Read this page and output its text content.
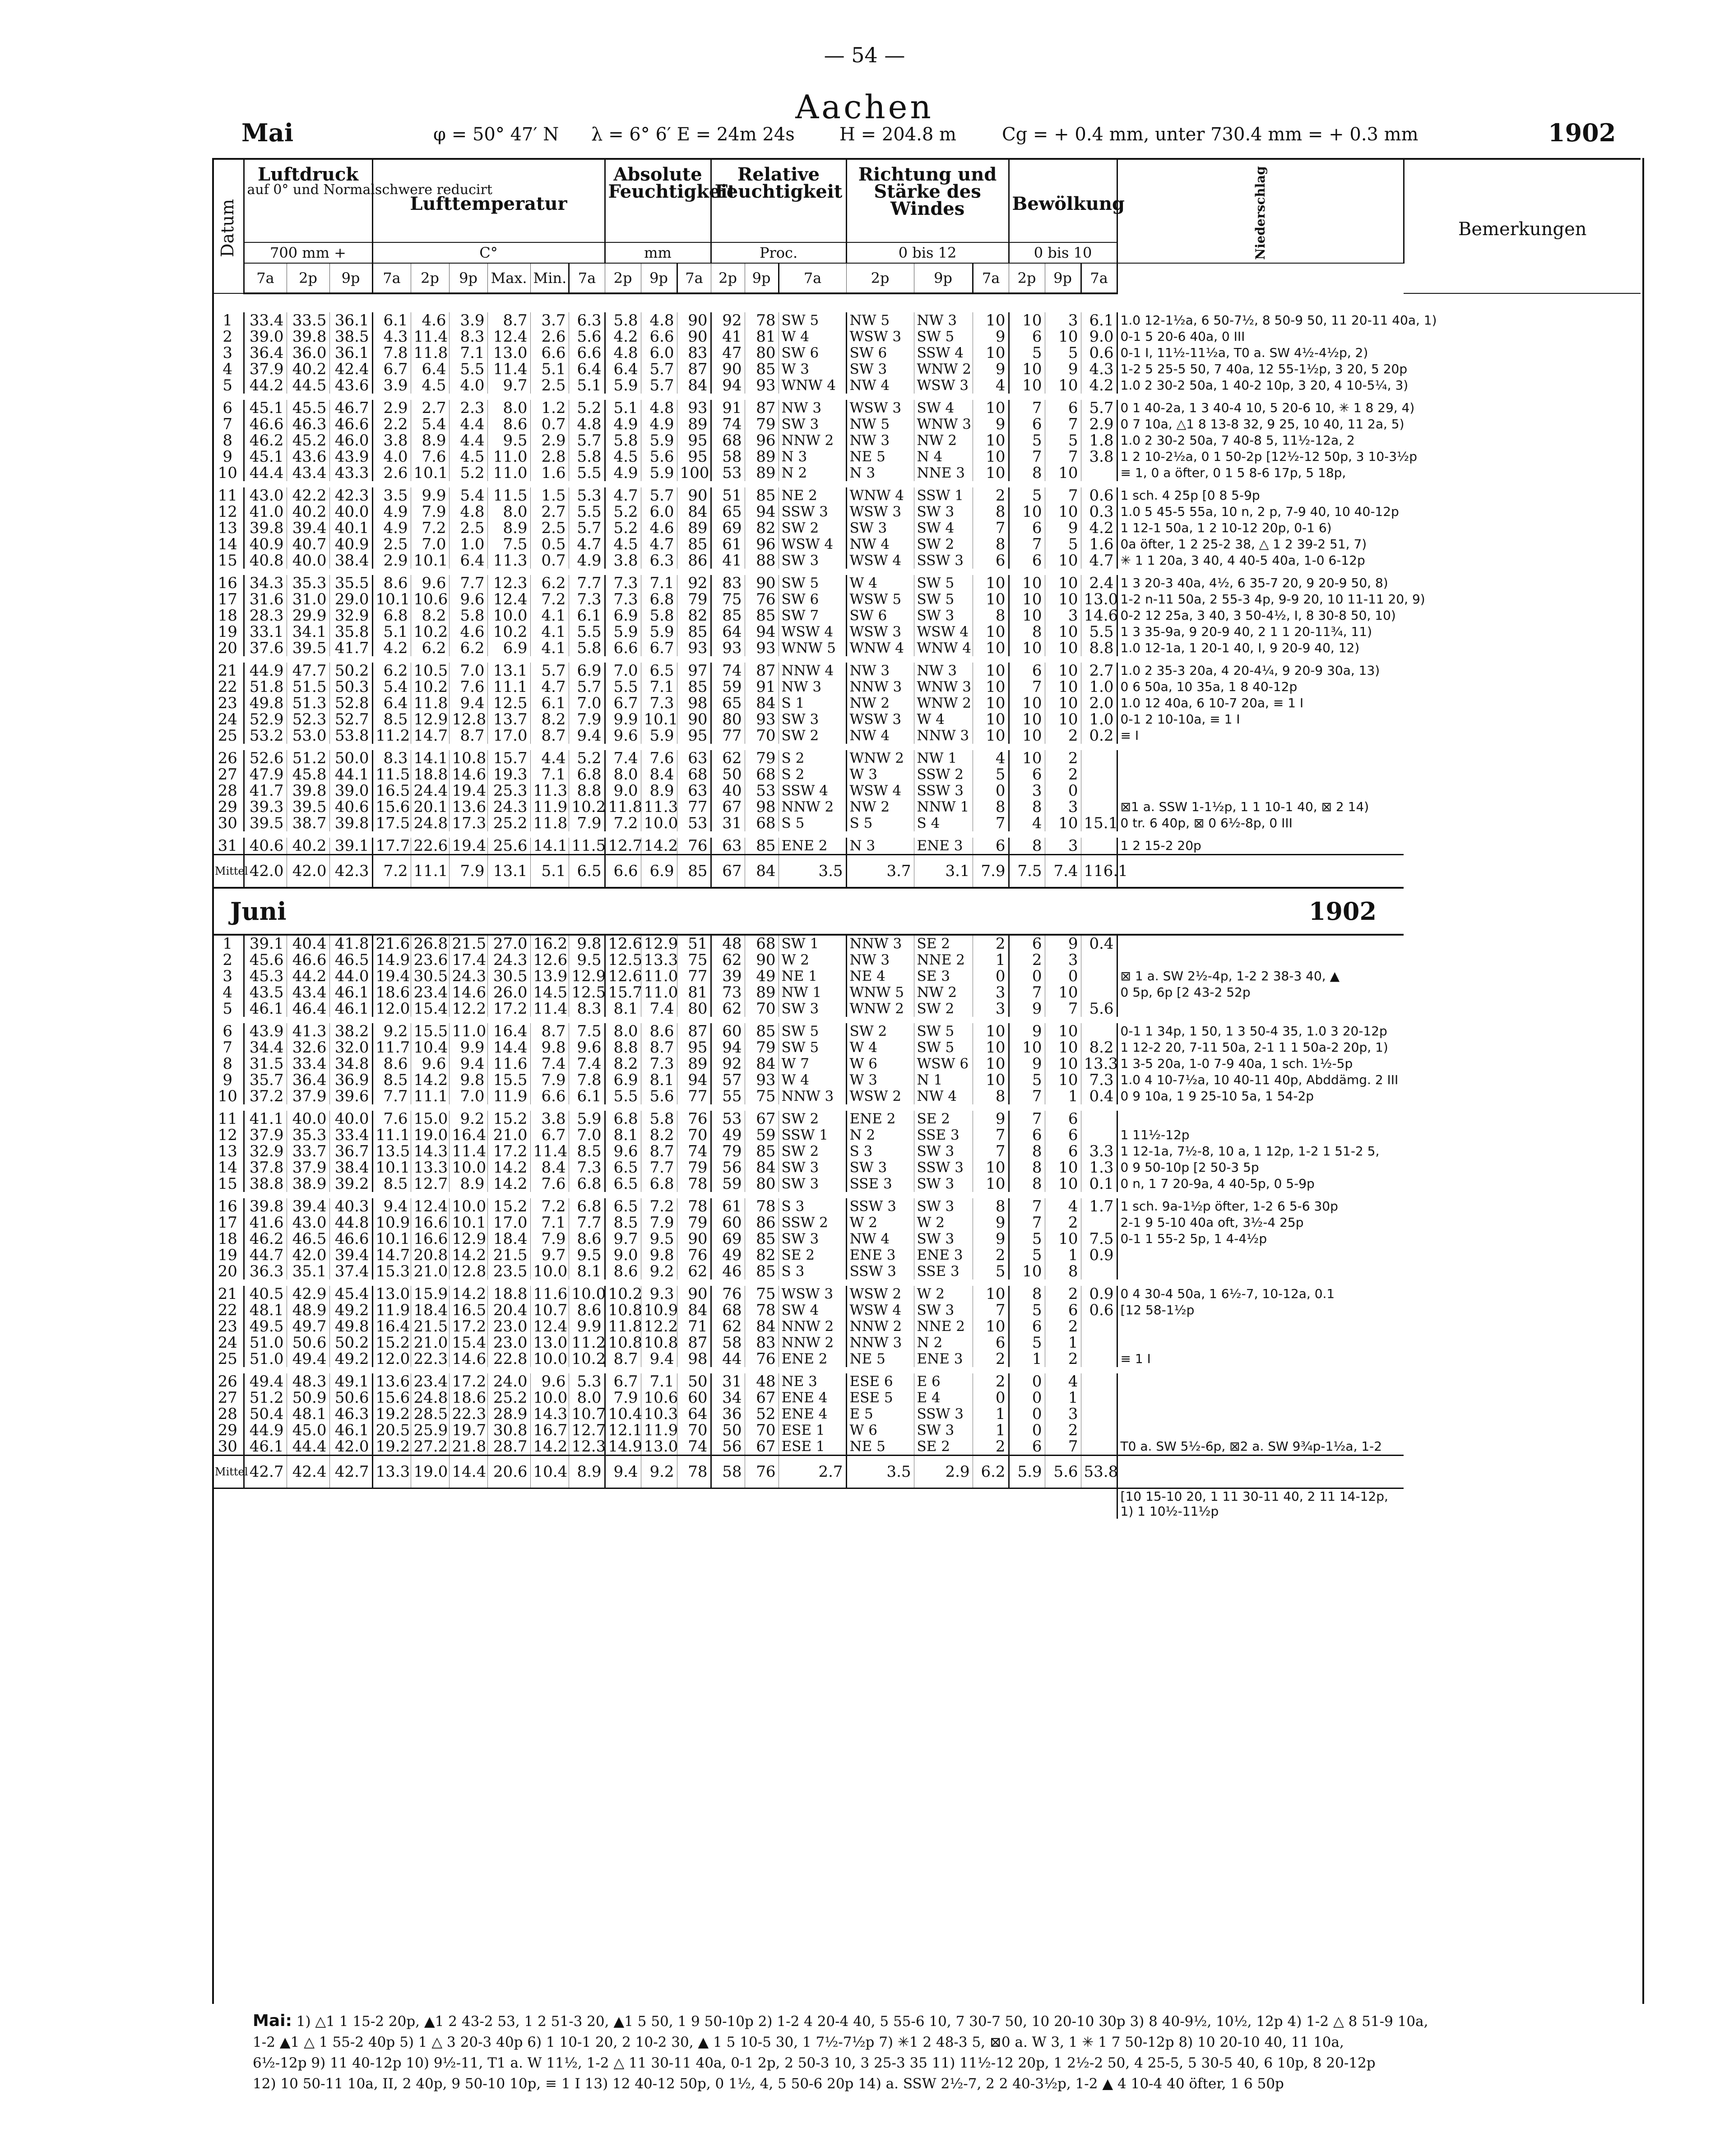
— 54 —
Aachen
Mai	φ = 50° 47′ N λ = 6° 6′ E = 24m 24s H = 204.8 m	Cg = + 0.4 mm, unter 730.4 mm = + 0.3 mm	1902
Datum	Luftdruck
auf 0° und Normalschwere reducirt			Lufttemperatur						Absolute Feuchtigkeit			Relative Feuchtigkeit			Richtung und Stärke des Windes			Bewölkung			Niederschlag	Bemerkungen
	700 mm +			C°						mm			Proc.			0 bis 12			0 bis 10				
	7a	2p	9p	7a	2p	9p	Max.	Min.	7a	2p	9p	7a	2p	9p	7a	2p	9p	7a	2p	9p	7a		

1	33.4	33.5	36.1	6.1	4.6	3.9	8.7	3.7	6.3	5.8	4.8	90	92	78	SW 5	NW 5	NW 3	10	10	3	6.1	1.0 12-1½a, 6 50-7½, 8 50-9 50, 11 20-11 40a, 1)	
2	39.0	39.8	38.5	4.3	11.4	8.3	12.4	2.6	5.6	4.2	6.6	90	41	81	W 4	WSW 3	SW 5	9	6	10	9.0	0-1 5 20-6 40a, 0 III	
3	36.4	36.0	36.1	7.8	11.8	7.1	13.0	6.6	6.6	4.8	6.0	83	47	80	SW 6	SW 6	SSW 4	10	5	5	0.6	0-1 I, 11½-11½a, T0 a. SW 4½-4½p, 2)	
4	37.9	40.2	42.4	6.7	6.4	5.5	11.4	5.1	6.4	6.4	5.7	87	90	85	W 3	SW 3	WNW 2	9	10	9	4.3	1-2 5 25-5 50, 7 40a, 12 55-1½p, 3 20, 5 20p	
5	44.2	44.5	43.6	3.9	4.5	4.0	9.7	2.5	5.1	5.9	5.7	84	94	93	WNW 4	NW 4	WSW 3	4	10	10	4.2	1.0 2 30-2 50a, 1 40-2 10p, 3 20, 4 10-5¼, 3)	

6	45.1	45.5	46.7	2.9	2.7	2.3	8.0	1.2	5.2	5.1	4.8	93	91	87	NW 3	WSW 3	SW 4	10	7	6	5.7	0 1 40-2a, 1 3 40-4 10, 5 20-6 10, ✳ 1 8 29, 4)	
7	46.6	46.3	46.6	2.2	5.4	4.4	8.6	0.7	4.8	4.9	4.9	89	74	79	SW 3	NW 5	WNW 3	9	6	7	2.9	0 7 10a, △1 8 13-8 32, 9 25, 10 40, 11 2a, 5)	
8	46.2	45.2	46.0	3.8	8.9	4.4	9.5	2.9	5.7	5.8	5.9	95	68	96	NNW 2	NW 3	NW 2	10	5	5	1.8	1.0 2 30-2 50a, 7 40-8 5, 11½-12a, 2	
9	45.1	43.6	43.9	4.0	7.6	4.5	11.0	2.8	5.8	4.5	5.6	95	58	89	N 3	NE 5	N 4	10	7	7	3.8	1 2 10-2½a, 0 1 50-2p [12½-12 50p, 3 10-3½p	
10	44.4	43.4	43.3	2.6	10.1	5.2	11.0	1.6	5.5	4.9	5.9	100	53	89	N 2	N 3	NNE 3	10	8	10		≡ 1, 0 a öfter, 0 1 5 8-6 17p, 5 18p,	

11	43.0	42.2	42.3	3.5	9.9	5.4	11.5	1.5	5.3	4.7	5.7	90	51	85	NE 2	WNW 4	SSW 1	2	5	7	0.6	1 sch. 4 25p [0 8 5-9p	
12	41.0	40.2	40.0	4.9	7.9	4.8	8.0	2.7	5.5	5.2	6.0	84	65	94	SSW 3	WSW 3	SW 3	8	10	10	0.3	1.0 5 45-5 55a, 10 n, 2 p, 7-9 40, 10 40-12p	
13	39.8	39.4	40.1	4.9	7.2	2.5	8.9	2.5	5.7	5.2	4.6	89	69	82	SW 2	SW 3	SW 4	7	6	9	4.2	1 12-1 50a, 1 2 10-12 20p, 0-1 6)	
14	40.9	40.7	40.9	2.5	7.0	1.0	7.5	0.5	4.7	4.5	4.7	85	61	96	WSW 4	NW 4	SW 2	8	7	5	1.6	0a öfter, 1 2 25-2 38, △ 1 2 39-2 51, 7)	
15	40.8	40.0	38.4	2.9	10.1	6.4	11.3	0.7	4.9	3.8	6.3	86	41	88	SW 3	WSW 4	SSW 3	6	6	10	4.7	✳ 1 1 20a, 3 40, 4 40-5 40a, 1-0 6-12p	

16	34.3	35.3	35.5	8.6	9.6	7.7	12.3	6.2	7.7	7.3	7.1	92	83	90	SW 5	W 4	SW 5	10	10	10	2.4	1 3 20-3 40a, 4½, 6 35-7 20, 9 20-9 50, 8)	
17	31.6	31.0	29.0	10.1	10.6	9.6	12.4	7.2	7.3	7.3	6.8	79	75	76	SW 6	WSW 5	SW 5	10	10	10	13.0	1-2 n-11 50a, 2 55-3 4p, 9-9 20, 10 11-11 20, 9)	
18	28.3	29.9	32.9	6.8	8.2	5.8	10.0	4.1	6.1	6.9	5.8	82	85	85	SW 7	SW 6	SW 3	8	10	3	14.6	0-2 12 25a, 3 40, 3 50-4½, I, 8 30-8 50, 10)	
19	33.1	34.1	35.8	5.1	10.2	4.6	10.2	4.1	5.5	5.9	5.9	85	64	94	WSW 4	WSW 3	WSW 4	10	8	10	5.5	1 3 35-9a, 9 20-9 40, 2 1 1 20-11¾, 11)	
20	37.6	39.5	41.7	4.2	6.2	6.2	6.9	4.1	5.8	6.6	6.7	93	93	93	WNW 5	WNW 4	WNW 4	10	10	10	8.8	1.0 12-1a, 1 20-1 40, I, 9 20-9 40, 12)	

21	44.9	47.7	50.2	6.2	10.5	7.0	13.1	5.7	6.9	7.0	6.5	97	74	87	NNW 4	NW 3	NW 3	10	6	10	2.7	1.0 2 35-3 20a, 4 20-4¼, 9 20-9 30a, 13)	
22	51.8	51.5	50.3	5.4	10.2	7.6	11.1	4.7	5.7	5.5	7.1	85	59	91	NW 3	NNW 3	WNW 3	10	7	10	1.0	0 6 50a, 10 35a, 1 8 40-12p	
23	49.8	51.3	52.8	6.4	11.8	9.4	12.5	6.1	7.0	6.7	7.3	98	65	84	S 1	NW 2	WNW 2	10	10	10	2.0	1.0 12 40a, 6 10-7 20a, ≡ 1 I	
24	52.9	52.3	52.7	8.5	12.9	12.8	13.7	8.2	7.9	9.9	10.1	90	80	93	SW 3	WSW 3	W 4	10	10	10	1.0	0-1 2 10-10a, ≡ 1 I	
25	53.2	53.0	53.8	11.2	14.7	8.7	17.0	8.7	9.4	9.6	5.9	95	77	70	SW 2	NW 4	NNW 3	10	10	2	0.2	≡ I	

26	52.6	51.2	50.0	8.3	14.1	10.8	15.7	4.4	5.2	7.4	7.6	63	62	79	S 2	WNW 2	NW 1	4	10	2			
27	47.9	45.8	44.1	11.5	18.8	14.6	19.3	7.1	6.8	8.0	8.4	68	50	68	S 2	W 3	SSW 2	5	6	2			
28	41.7	39.8	39.0	16.5	24.4	19.4	25.3	11.3	8.8	9.0	8.9	63	40	53	SSW 4	WSW 4	SSW 3	0	3	0			
29	39.3	39.5	40.6	15.6	20.1	13.6	24.3	11.9	10.2	11.8	11.3	77	67	98	NNW 2	NW 2	NNW 1	8	8	3		⊠1 a. SSW 1-1½p, 1 1 10-1 40, ⊠ 2 14)	
30	39.5	38.7	39.8	17.5	24.8	17.3	25.2	11.8	7.9	7.2	10.0	53	31	68	S 5	S 5	S 4	7	4	10	15.1	0 tr. 6 40p, ⊠ 0 6½-8p, 0 III	

31	40.6	40.2	39.1	17.7	22.6	19.4	25.6	14.1	11.5	12.7	14.2	76	63	85	ENE 2	N 3	ENE 3	6	8	3		1 2 15-2 20p	
Mittel	42.0	42.0	42.3	7.2	11.1	7.9	13.1	5.1	6.5	6.6	6.9	85	67	84	3.5	3.7	3.1	7.9	7.5	7.4	116.1		
Juni																						1902	
1	39.1	40.4	41.8	21.6	26.8	21.5	27.0	16.2	9.8	12.6	12.9	51	48	68	SW 1	NNW 3	SE 2	2	6	9	0.4		
2	45.6	46.6	46.5	14.9	23.6	17.4	24.3	12.6	9.5	12.5	13.3	75	62	90	W 2	NW 3	NNE 2	1	2	3			
3	45.3	44.2	44.0	19.4	30.5	24.3	30.5	13.9	12.9	12.6	11.0	77	39	49	NE 1	NE 4	SE 3	0	0	0		⊠ 1 a. SW 2½-4p, 1-2 2 38-3 40, ▲	
4	43.5	43.4	46.1	18.6	23.4	14.6	26.0	14.5	12.5	15.7	11.0	81	73	89	NW 1	WNW 5	NW 2	3	7	10		0 5p, 6p [2 43-2 52p	
5	46.1	46.4	46.1	12.0	15.4	12.2	17.2	11.4	8.3	8.1	7.4	80	62	70	SW 3	WNW 2	SW 2	3	9	7	5.6		

6	43.9	41.3	38.2	9.2	15.5	11.0	16.4	8.7	7.5	8.0	8.6	87	60	85	SW 5	SW 2	SW 5	10	9	10		0-1 1 34p, 1 50, 1 3 50-4 35, 1.0 3 20-12p	
7	34.4	32.6	32.0	11.7	10.4	9.9	14.4	9.8	9.6	8.8	8.7	95	94	79	SW 5	W 4	SW 5	10	10	10	8.2	1 12-2 20, 7-11 50a, 2-1 1 1 50a-2 20p, 1)	
8	31.5	33.4	34.8	8.6	9.6	9.4	11.6	7.4	7.4	8.2	7.3	89	92	84	W 7	W 6	WSW 6	10	9	10	13.3	1 3-5 20a, 1-0 7-9 40a, 1 sch. 1½-5p	
9	35.7	36.4	36.9	8.5	14.2	9.8	15.5	7.9	7.8	6.9	8.1	94	57	93	W 4	W 3	N 1	10	5	10	7.3	1.0 4 10-7½a, 10 40-11 40p, Abddämg. 2 III	
10	37.2	37.9	39.6	7.7	11.1	7.0	11.9	6.6	6.1	5.5	5.6	77	55	75	NNW 3	WSW 2	NW 4	8	7	1	0.4	0 9 10a, 1 9 25-10 5a, 1 54-2p	

11	41.1	40.0	40.0	7.6	15.0	9.2	15.2	3.8	5.9	6.8	5.8	76	53	67	SW 2	ENE 2	SE 2	9	7	6			
12	37.9	35.3	33.4	11.1	19.0	16.4	21.0	6.7	7.0	8.1	8.2	70	49	59	SSW 1	N 2	SSE 3	7	6	6		1 11½-12p	
13	32.9	33.7	36.7	13.5	14.3	11.4	17.2	11.4	8.5	9.6	8.7	74	79	85	SW 2	S 3	SW 3	7	8	6	3.3	1 12-1a, 7½-8, 10 a, 1 12p, 1-2 1 51-2 5,	
14	37.8	37.9	38.4	10.1	13.3	10.0	14.2	8.4	7.3	6.5	7.7	79	56	84	SW 3	SW 3	SSW 3	10	8	10	1.3	0 9 50-10p [2 50-3 5p	
15	38.8	38.9	39.2	8.5	12.7	8.9	14.2	7.6	6.8	6.5	6.8	78	59	80	SW 3	SSE 3	SW 3	10	8	10	0.1	0 n, 1 7 20-9a, 4 40-5p, 0 5-9p	

16	39.8	39.4	40.3	9.4	12.4	10.0	15.2	7.2	6.8	6.5	7.2	78	61	78	S 3	SSW 3	SW 3	8	7	4	1.7	1 sch. 9a-1½p öfter, 1-2 6 5-6 30p	
17	41.6	43.0	44.8	10.9	16.6	10.1	17.0	7.1	7.7	8.5	7.9	79	60	86	SSW 2	W 2	W 2	9	7	2		2-1 9 5-10 40a oft, 3½-4 25p	
18	46.2	46.5	46.6	10.1	16.6	12.9	18.4	7.9	8.6	9.7	9.5	90	69	85	SW 3	NW 4	SW 3	9	5	10	7.5	0-1 1 55-2 5p, 1 4-4½p	
19	44.7	42.0	39.4	14.7	20.8	14.2	21.5	9.7	9.5	9.0	9.8	76	49	82	SE 2	ENE 3	ENE 3	2	5	1	0.9		
20	36.3	35.1	37.4	15.3	21.0	12.8	23.5	10.0	8.1	8.6	9.2	62	46	85	S 3	SSW 3	SSE 3	5	10	8			

21	40.5	42.9	45.4	13.0	15.9	14.2	18.8	11.6	10.0	10.2	9.3	90	76	75	WSW 3	WSW 2	W 2	10	8	2	0.9	0 4 30-4 50a, 1 6½-7, 10-12a, 0.1	
22	48.1	48.9	49.2	11.9	18.4	16.5	20.4	10.7	8.6	10.8	10.9	84	68	78	SW 4	WSW 4	SW 3	7	5	6	0.6	[12 58-1½p	
23	49.5	49.7	49.8	16.4	21.5	17.2	23.0	12.4	9.9	11.8	12.2	71	62	84	NNW 2	NNW 2	NNE 2	10	6	2			
24	51.0	50.6	50.2	15.2	21.0	15.4	23.0	13.0	11.2	10.8	10.8	87	58	83	NNW 2	NNW 3	N 2	6	5	1			
25	51.0	49.4	49.2	12.0	22.3	14.6	22.8	10.0	10.2	8.7	9.4	98	44	76	ENE 2	NE 5	ENE 3	2	1	2		≡ 1 I	

26	49.4	48.3	49.1	13.6	23.4	17.2	24.0	9.6	5.3	6.7	7.1	50	31	48	NE 3	ESE 6	E 6	2	0	4			
27	51.2	50.9	50.6	15.6	24.8	18.6	25.2	10.0	8.0	7.9	10.6	60	34	67	ENE 4	ESE 5	E 4	0	0	1			
28	50.4	48.1	46.3	19.2	28.5	22.3	28.9	14.3	10.7	10.4	10.3	64	36	52	ENE 4	E 5	SSW 3	1	0	3			
29	44.9	45.0	46.1	20.5	25.9	19.7	30.8	16.7	12.7	12.1	11.9	70	50	70	ESE 1	W 6	SW 3	1	0	2			
30	46.1	44.4	42.0	19.2	27.2	21.8	28.7	14.2	12.3	14.9	13.0	74	56	67	ESE 1	NE 5	SE 2	2	6	7		T0 a. SW 5½-6p, ⊠2 a. SW 9¾p-1½a, 1-2	
Mittel	42.7	42.4	42.7	13.3	19.0	14.4	20.6	10.4	8.9	9.4	9.2	78	58	76	2.7	3.5	2.9	6.2	5.9	5.6	53.8		
																						[10 15-10 20, 1 11 30-11 40, 2 11 14-12p,	
																						1) 1 10½-11½p	
Mai: 1) △1 1 15-2 20p, ▲1 2 43-2 53, 1 2 51-3 20, ▲1 5 50, 1 9 50-10p 2) 1-2 4 20-4 40, 5 55-6 10, 7 30-7 50, 10 20-10 30p 3) 8 40-9½, 10½, 12p 4) 1-2 △ 8 51-9 10a,
1-2 ▲1 △ 1 55-2 40p 5) 1 △ 3 20-3 40p 6) 1 10-1 20, 2 10-2 30, ▲ 1 5 10-5 30, 1 7½-7½p 7) ✳1 2 48-3 5, ⊠0 a. W 3, 1 ✳ 1 7 50-12p 8) 10 20-10 40, 11 10a,
6½-12p 9) 11 40-12p 10) 9½-11, T1 a. W 11½, 1-2 △ 11 30-11 40a, 0-1 2p, 2 50-3 10, 3 25-3 35 11) 11½-12 20p, 1 2½-2 50, 4 25-5, 5 30-5 40, 6 10p, 8 20-12p
12) 10 50-11 10a, II, 2 40p, 9 50-10 10p, ≡ 1 I 13) 12 40-12 50p, 0 1½, 4, 5 50-6 20p 14) a. SSW 2½-7, 2 2 40-3½p, 1-2 ▲ 4 10-4 40 öfter, 1 6 50p
